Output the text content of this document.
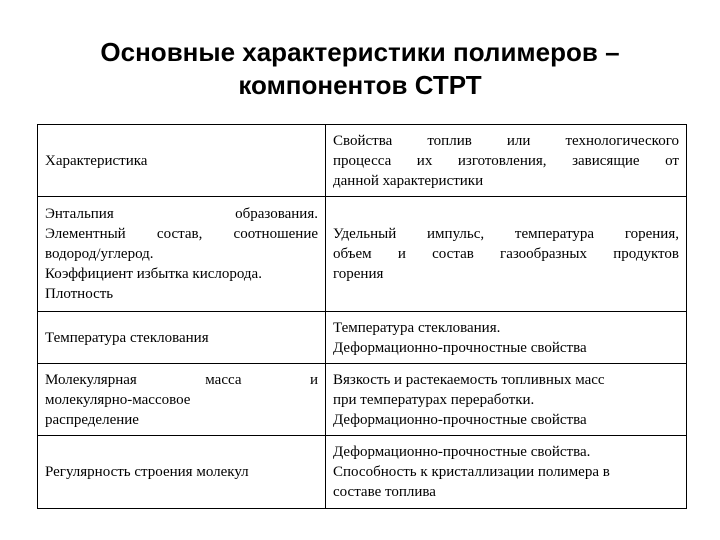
Основные характеристики полимеров –
компонентов СТРТ
Характеристика	Свойства топлив или технологического
процесса их изготовления, зависящие от
данной характеристики

Энтальпия образования.
Элементный состав, соотношение
водород/углерод.
Коэффициент избытка кислорода.
Плотность	Удельный импульс, температура горения,
объем и состав газообразных продуктов
горения

Температура стеклования	Температура стеклования.
Деформационно-прочностные свойства

Молекулярная масса и
молекулярно-массовое
распределение	Вязкость и растекаемость топливных масс
при температурах переработки.
Деформационно-прочностные свойства

Регулярность строения молекул	Деформационно-прочностные свойства.
Способность к кристаллизации полимера в
составе топлива
